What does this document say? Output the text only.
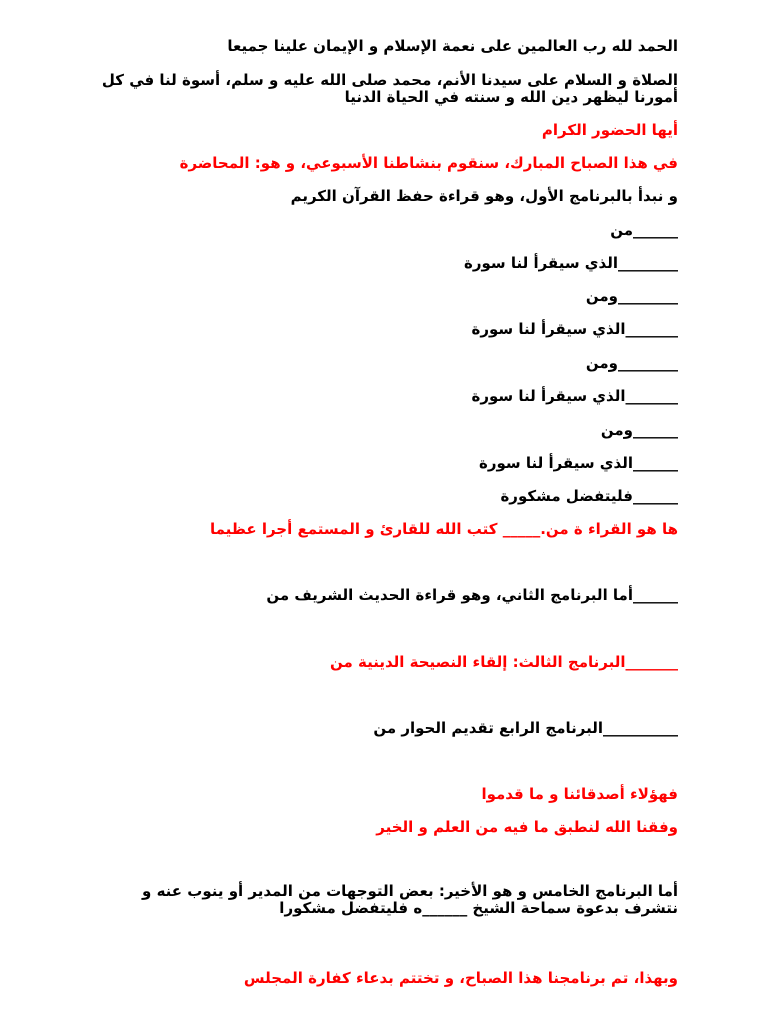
الحمد لله رب العالمين على نعمة الإسلام و الإيمان علينا جميعا
الصلاة و السلام على سيدنا الأنم، محمد صلى الله عليه و سلم، أسوة لنا في كل أمورنا ليظهر دين الله و سنته في الحياة الدنيا
أيها الحضور الكرام
في هذا الصباح المبارك، سنقوم بنشاطنا الأسبوعي، و هو: المحاضرة
و نبدأ بالبرنامج الأول، وهو قراءة حفظ القرآن الكريم
______من
________الذي سيقرأ لنا سورة
________ومن
_______الذي سيقرأ لنا سورة
________ومن
_______الذي سيقرأ لنا سورة
______ومن
______الذي سيقرأ لنا سورة
______فليتفضل مشكورة
ها هو القراء ة من._____ كتب الله للقارئ و المستمع أجرا عظيما
______أما البرنامج الثاني، وهو قراءة الحديث الشريف من
_______البرنامج الثالث: إلقاء النصيحة الدينية من
__________البرنامج الرابع تقديم الحوار من
فهؤلاء أصدقائنا و ما قدموا
وفقنا الله لنطبق ما فيه من العلم و الخير
أما البرنامج الخامس و هو الأخير: بعض التوجهات من المدير أو ينوب عنه و نتشرف بدعوة سماحة الشيخ ______ه فليتفضل مشكورا
وبهذا، تم برنامجنا هذا الصباح، و تختتم بدعاء كفارة المجلس
